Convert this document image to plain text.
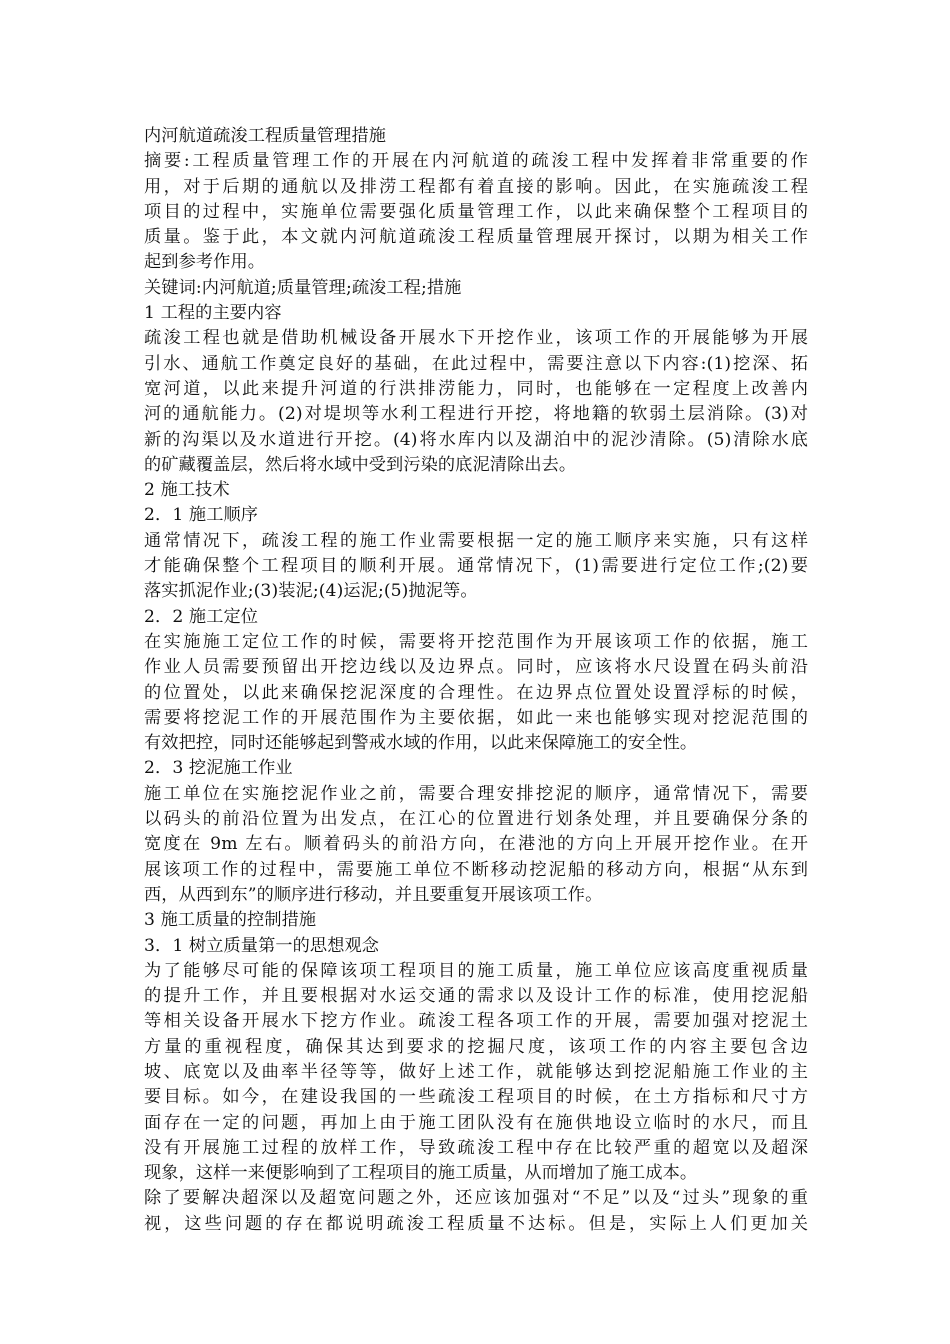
内河航道疏浚工程质量管理措施
摘要:工程质量管理工作的开展在内河航道的疏浚工程中发挥着非常重要的作
用，对于后期的通航以及排涝工程都有着直接的影响。因此，在实施疏浚工程
项目的过程中，实施单位需要强化质量管理工作，以此来确保整个工程项目的
质量。鉴于此，本文就内河航道疏浚工程质量管理展开探讨，以期为相关工作
起到参考作用。
关键词:内河航道;质量管理;疏浚工程;措施
1 工程的主要内容
疏浚工程也就是借助机械设备开展水下开挖作业，该项工作的开展能够为开展
引水、通航工作奠定良好的基础，在此过程中，需要注意以下内容:(1)挖深、拓
宽河道，以此来提升河道的行洪排涝能力，同时，也能够在一定程度上改善内
河的通航能力。(2)对堤坝等水利工程进行开挖，将地籍的软弱土层消除。(3)对
新的沟渠以及水道进行开挖。(4)将水库内以及湖泊中的泥沙清除。(5)清除水底
的矿藏覆盖层，然后将水域中受到污染的底泥清除出去。
2 施工技术
2．1 施工顺序
通常情况下，疏浚工程的施工作业需要根据一定的施工顺序来实施，只有这样
才能确保整个工程项目的顺利开展。通常情况下，(1)需要进行定位工作;(2)要
落实抓泥作业;(3)装泥;(4)运泥;(5)抛泥等。
2．2 施工定位
在实施施工定位工作的时候，需要将开挖范围作为开展该项工作的依据，施工
作业人员需要预留出开挖边线以及边界点。同时，应该将水尺设置在码头前沿
的位置处，以此来确保挖泥深度的合理性。在边界点位置处设置浮标的时候，
需要将挖泥工作的开展范围作为主要依据，如此一来也能够实现对挖泥范围的
有效把控，同时还能够起到警戒水域的作用，以此来保障施工的安全性。
2．3 挖泥施工作业
施工单位在实施挖泥作业之前，需要合理安排挖泥的顺序，通常情况下，需要
以码头的前沿位置为出发点，在江心的位置进行划条处理，并且要确保分条的
宽度在 9m 左右。顺着码头的前沿方向，在港池的方向上开展开挖作业。在开
展该项工作的过程中，需要施工单位不断移动挖泥船的移动方向，根据“从东到
西，从西到东”的顺序进行移动，并且要重复开展该项工作。
3 施工质量的控制措施
3．1 树立质量第一的思想观念
为了能够尽可能的保障该项工程项目的施工质量，施工单位应该高度重视质量
的提升工作，并且要根据对水运交通的需求以及设计工作的标准，使用挖泥船
等相关设备开展水下挖方作业。疏浚工程各项工作的开展，需要加强对挖泥土
方量的重视程度，确保其达到要求的挖掘尺度，该项工作的内容主要包含边
坡、底宽以及曲率半径等等，做好上述工作，就能够达到挖泥船施工作业的主
要目标。如今，在建设我国的一些疏浚工程项目的时候，在土方指标和尺寸方
面存在一定的问题，再加上由于施工团队没有在施供地设立临时的水尺，而且
没有开展施工过程的放样工作，导致疏浚工程中存在比较严重的超宽以及超深
现象，这样一来便影响到了工程项目的施工质量，从而增加了施工成本。
除了要解决超深以及超宽问题之外，还应该加强对“不足”以及“过头”现象的重
视，这些问题的存在都说明疏浚工程质量不达标。但是，实际上人们更加关
